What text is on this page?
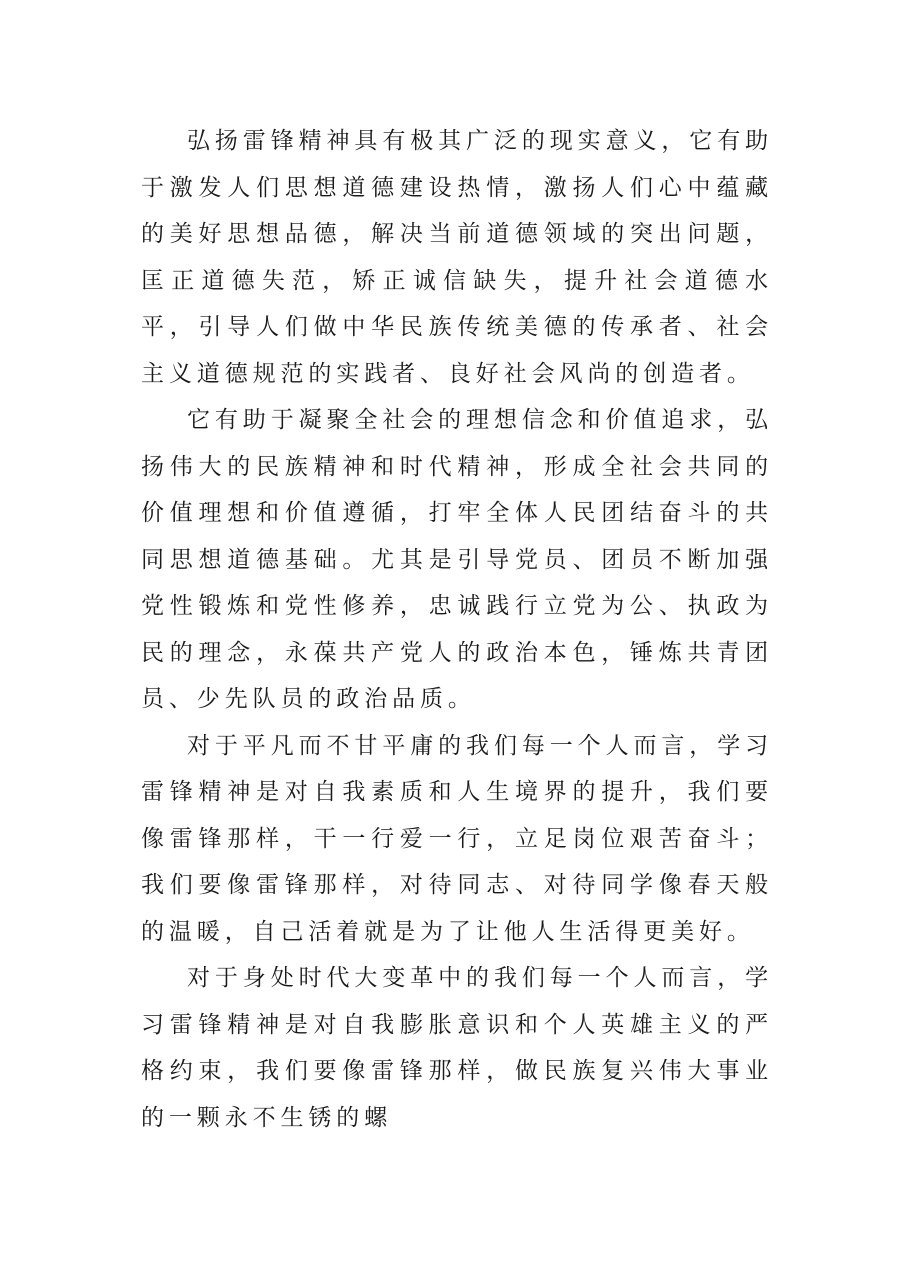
弘扬雷锋精神具有极其广泛的现实意义，它有助于激发人们思想道德建设热情，激扬人们心中蕴藏的美好思想品德，解决当前道德领域的突出问题，匡正道德失范，矫正诚信缺失，提升社会道德水平，引导人们做中华民族传统美德的传承者、社会主义道德规范的实践者、良好社会风尚的创造者。

它有助于凝聚全社会的理想信念和价值追求，弘扬伟大的民族精神和时代精神，形成全社会共同的价值理想和价值遵循，打牢全体人民团结奋斗的共同思想道德基础。尤其是引导党员、团员不断加强党性锻炼和党性修养，忠诚践行立党为公、执政为民的理念，永葆共产党人的政治本色，锤炼共青团员、少先队员的政治品质。

对于平凡而不甘平庸的我们每一个人而言，学习雷锋精神是对自我素质和人生境界的提升，我们要像雷锋那样，干一行爱一行，立足岗位艰苦奋斗；我们要像雷锋那样，对待同志、对待同学像春天般的温暖，自己活着就是为了让他人生活得更美好。

对于身处时代大变革中的我们每一个人而言，学习雷锋精神是对自我膨胀意识和个人英雄主义的严格约束，我们要像雷锋那样，做民族复兴伟大事业的一颗永不生锈的螺
